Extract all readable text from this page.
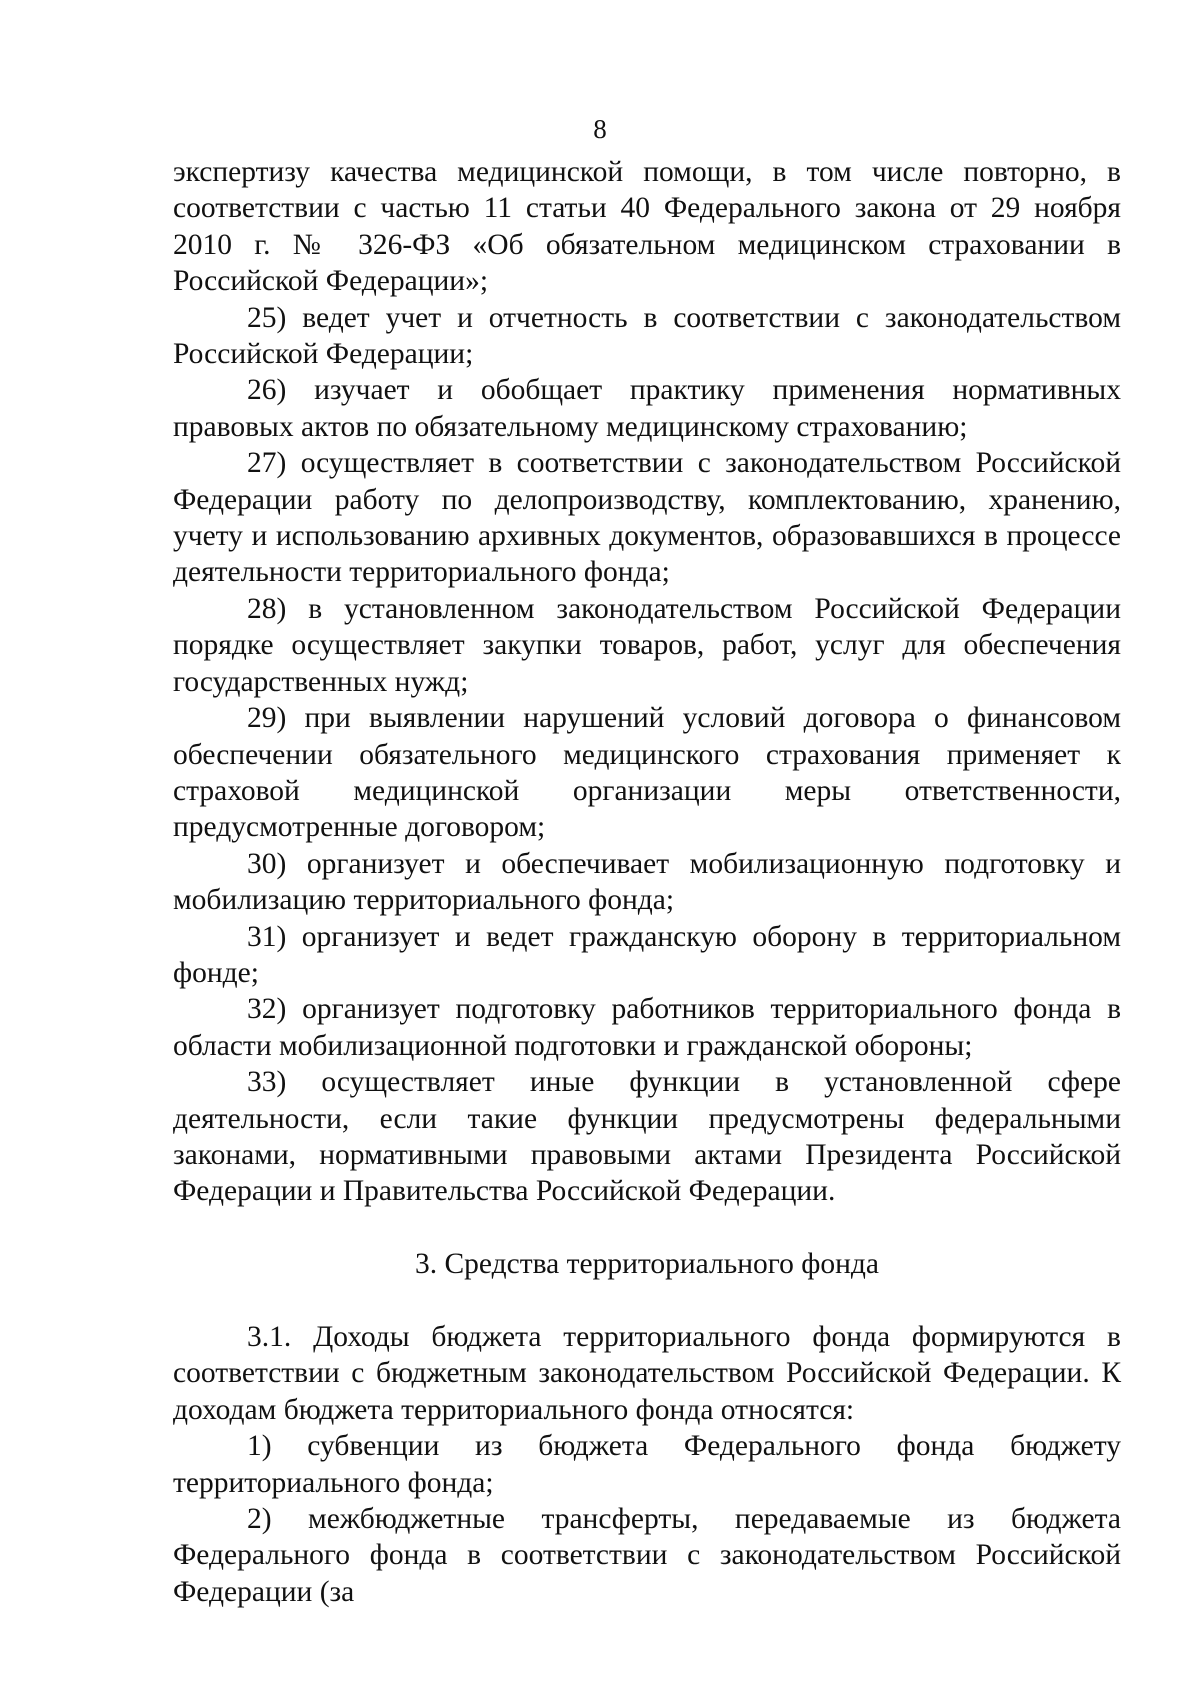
8

экспертизу качества медицинской помощи, в том числе повторно, в соответствии с частью 11 статьи 40 Федерального закона от 29 ноября 2010 г. № 326-ФЗ «Об обязательном медицинском страховании в Российской Федерации»;

25) ведет учет и отчетность в соответствии с законодательством Российской Федерации;

26) изучает и обобщает практику применения нормативных правовых актов по обязательному медицинскому страхованию;

27) осуществляет в соответствии с законодательством Российской Федерации работу по делопроизводству, комплектованию, хранению, учету и использованию архивных документов, образовавшихся в процессе деятельности территориального фонда;

28) в установленном законодательством Российской Федерации порядке осуществляет закупки товаров, работ, услуг для обеспечения государственных нужд;

29) при выявлении нарушений условий договора о финансовом обеспечении обязательного медицинского страхования применяет к страховой медицинской организации меры ответственности, предусмотренные договором;

30) организует и обеспечивает мобилизационную подготовку и мобилизацию территориального фонда;

31) организует и ведет гражданскую оборону в территориальном фонде;

32) организует подготовку работников территориального фонда в области мобилизационной подготовки и гражданской обороны;

33) осуществляет иные функции в установленной сфере деятельности, если такие функции предусмотрены федеральными законами, нормативными правовыми актами Президента Российской Федерации и Правительства Российской Федерации.

3. Средства территориального фонда

3.1. Доходы бюджета территориального фонда формируются в соответствии с бюджетным законодательством Российской Федерации. К доходам бюджета территориального фонда относятся:

1) субвенции из бюджета Федерального фонда бюджету территориального фонда;

2) межбюджетные трансферты, передаваемые из бюджета Федерального фонда в соответствии с законодательством Российской Федерации (за
